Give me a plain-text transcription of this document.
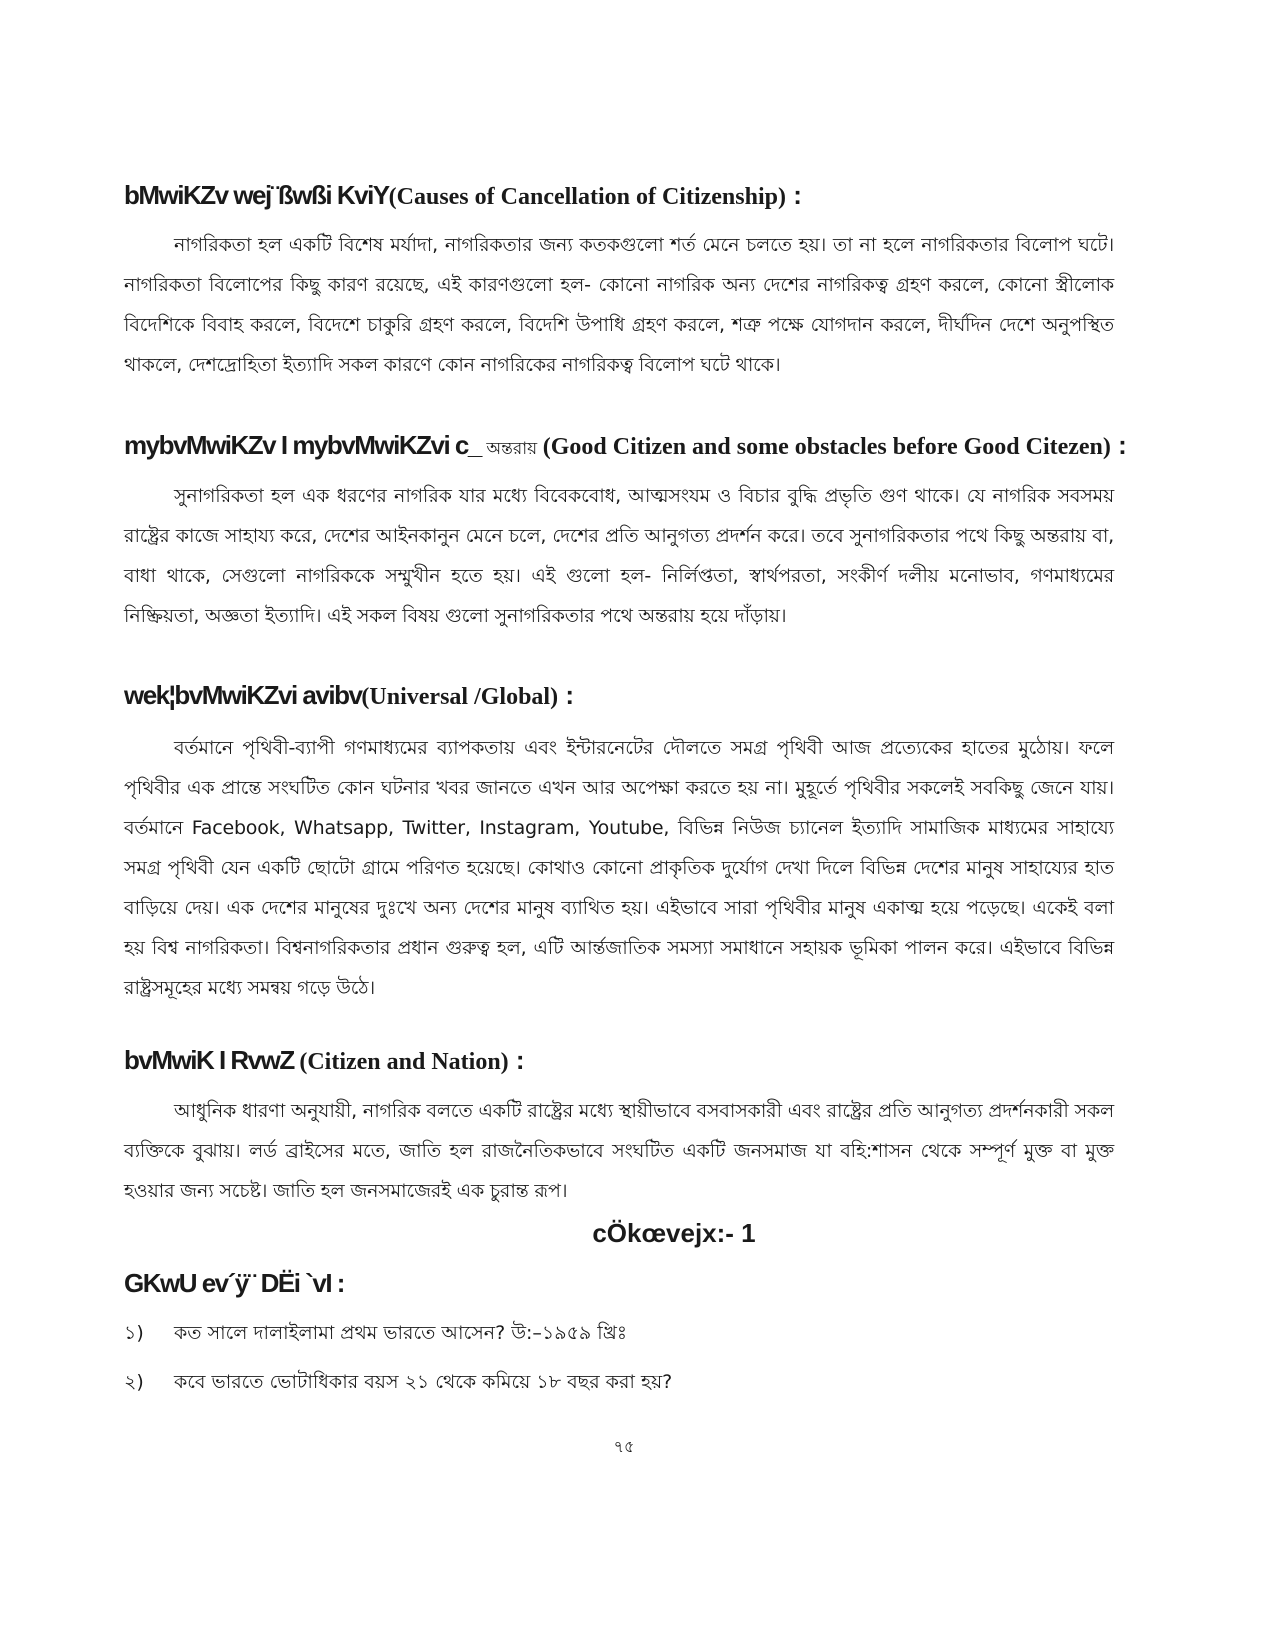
bMwiKZv wej¨ßwßi KviY(Causes of Cancellation of Citizenship) :

নাগরিকতা হল একটি বিশেষ মর্যাদা, নাগরিকতার জন্য কতকগুলো শর্ত মেনে চলতে হয়। তা না হলে নাগরিকতার বিলোপ ঘটে। নাগরিকতা বিলোপের কিছু কারণ রয়েছে, এই কারণগুলো হল- কোনো নাগরিক অন্য দেশের নাগরিকত্ব গ্রহণ করলে, কোনো স্ত্রীলোক বিদেশিকে বিবাহ করলে, বিদেশে চাকুরি গ্রহণ করলে, বিদেশি উপাধি গ্রহণ করলে, শত্রু পক্ষে যোগদান করলে, দীর্ঘদিন দেশে অনুপস্থিত থাকলে, দেশদ্রোহিতা ইত্যাদি সকল কারণে কোন নাগরিকের নাগরিকত্ব বিলোপ ঘটে থাকে।

mybvMwiKZv I mybvMwiKZvi c_ অন্তরায় (Good Citizen and some obstacles before Good Citezen) :

সুনাগরিকতা হল এক ধরণের নাগরিক যার মধ্যে বিবেকবোধ, আত্মসংযম ও বিচার বুদ্ধি প্রভৃতি গুণ থাকে। যে নাগরিক সবসময় রাষ্ট্রের কাজে সাহায্য করে, দেশের আইনকানুন মেনে চলে, দেশের প্রতি আনুগত্য প্রদর্শন করে। তবে সুনাগরিকতার পথে কিছু অন্তরায় বা, বাধা থাকে, সেগুলো নাগরিককে সম্মুখীন হতে হয়। এই গুলো হল- নির্লিপ্ততা, স্বার্থপরতা, সংকীর্ণ দলীয় মনোভাব, গণমাধ্যমের নিষ্ক্রিয়তা, অজ্ঞতা ইত্যাদি। এই সকল বিষয় গুলো সুনাগরিকতার পথে অন্তরায় হয়ে দাঁড়ায়।

wek¦bvMwiKZvi avibv(Universal /Global) :

বর্তমানে পৃথিবী-ব্যাপী গণমাধ্যমের ব্যাপকতায় এবং ইন্টারনেটের দৌলতে সমগ্র পৃথিবী আজ প্রত্যেকের হাতের মুঠোয়। ফলে পৃথিবীর এক প্রান্তে সংঘটিত কোন ঘটনার খবর জানতে এখন আর অপেক্ষা করতে হয় না। মুহূর্তে পৃথিবীর সকলেই সবকিছু জেনে যায়। বর্তমানে Facebook, Whatsapp, Twitter, Instagram, Youtube, বিভিন্ন নিউজ চ্যানেল ইত্যাদি সামাজিক মাধ্যমের সাহায্যে সমগ্র পৃথিবী যেন একটি ছোটো গ্রামে পরিণত হয়েছে। কোথাও কোনো প্রাকৃতিক দুর্যোগ দেখা দিলে বিভিন্ন দেশের মানুষ সাহায্যের হাত বাড়িয়ে দেয়। এক দেশের মানুষের দুঃখে অন্য দেশের মানুষ ব্যাথিত হয়। এইভাবে সারা পৃথিবীর মানুষ একাত্ম হয়ে পড়েছে। একেই বলা হয় বিশ্ব নাগরিকতা। বিশ্বনাগরিকতার প্রধান গুরুত্ব হল, এটি আর্ন্তজাতিক সমস্যা সমাধানে সহায়ক ভূমিকা পালন করে। এইভাবে বিভিন্ন রাষ্ট্রসমূহের মধ্যে সমন্বয় গড়ে উঠে।

bvMwiK I RvwZ (Citizen and Nation) :

আধুনিক ধারণা অনুযায়ী, নাগরিক বলতে একটি রাষ্ট্রের মধ্যে স্থায়ীভাবে বসবাসকারী এবং রাষ্ট্রের প্রতি আনুগত্য প্রদর্শনকারী সকল ব্যক্তিকে বুঝায়। লর্ড ব্রাইসের মতে, জাতি হল রাজনৈতিকভাবে সংঘটিত একটি জনসমাজ যা বহি:শাসন থেকে সম্পূর্ণ মুক্ত বা মুক্ত হওয়ার জন্য সচেষ্ট। জাতি হল জনসমাজেরই এক চুরান্ত রূপ।

cÖkœvejx:- 1
GKwU ev´ÿ¨ DËi `vI :
১) কত সালে দালাইলামা প্রথম ভারতে আসেন? উ:–১৯৫৯ খ্রিঃ
২) কবে ভারতে ভোটাধিকার বয়স ২১ থেকে কমিয়ে ১৮ বছর করা হয়?
৭৫
